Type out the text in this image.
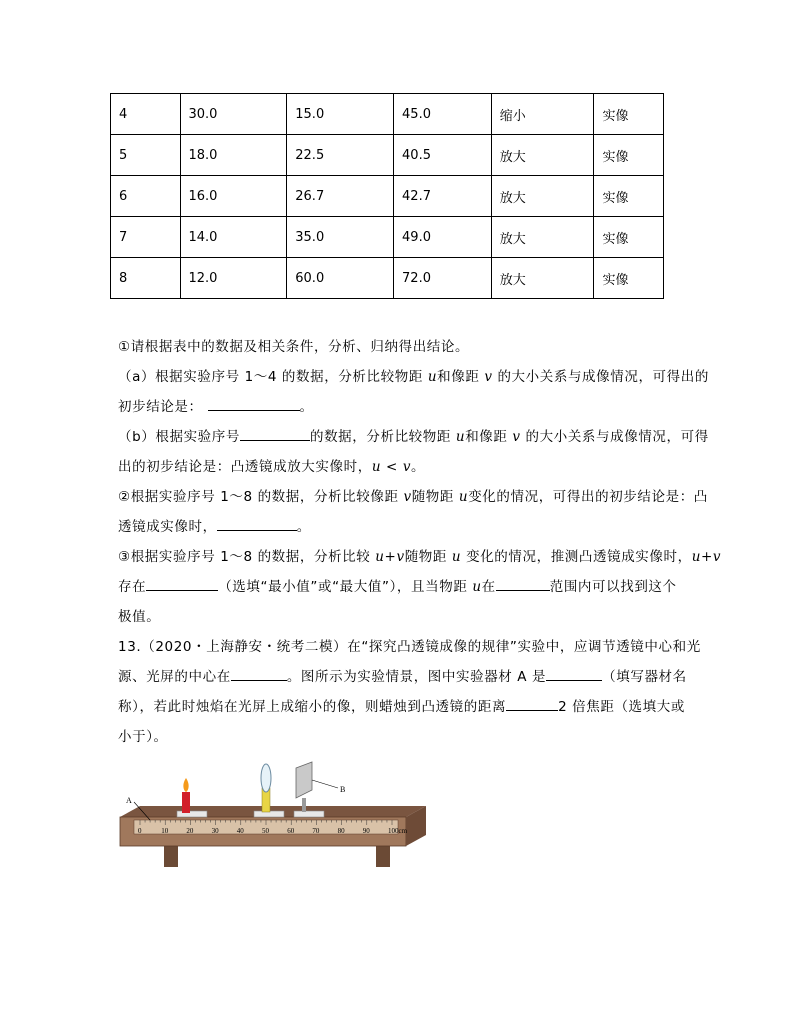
4	30.0	15.0	45.0	缩小	实像
5	18.0	22.5	40.5	放大	实像
6	16.0	26.7	42.7	放大	实像
7	14.0	35.0	49.0	放大	实像
8	12.0	60.0	72.0	放大	实像
①请根据表中的数据及相关条件，分析、归纳得出结论。
（a）根据实验序号 1～4 的数据，分析比较物距 u和像距 v 的大小关系与成像情况，可得出的
初步结论是：	。
（b）根据实验序号	的数据，分析比较物距 u和像距 v 的大小关系与成像情况，可得
出的初步结论是：凸透镜成放大实像时，u < v。
②根据实验序号 1～8 的数据，分析比较像距 v随物距 u变化的情况，可得出的初步结论是：凸
透镜成实像时，	。
③根据实验序号 1～8 的数据，分析比较 u+v随物距 u 变化的情况，推测凸透镜成实像时，u+v
存在	（选填“最小值”或“最大值”），且当物距 u在	范围内可以找到这个
极值。
13.（2020・上海静安・统考二模）在“探究凸透镜成像的规律”实验中，应调节透镜中心和光
源、光屏的中心在	。图所示为实验情景，图中实验器材 A 是	（填写器材名
称），若此时烛焰在光屏上成缩小的像，则蜡烛到凸透镜的距离	2 倍焦距（选填大或
小于）。
0	10	20	30	40	50	60	70	80	90	100cm
B
A
